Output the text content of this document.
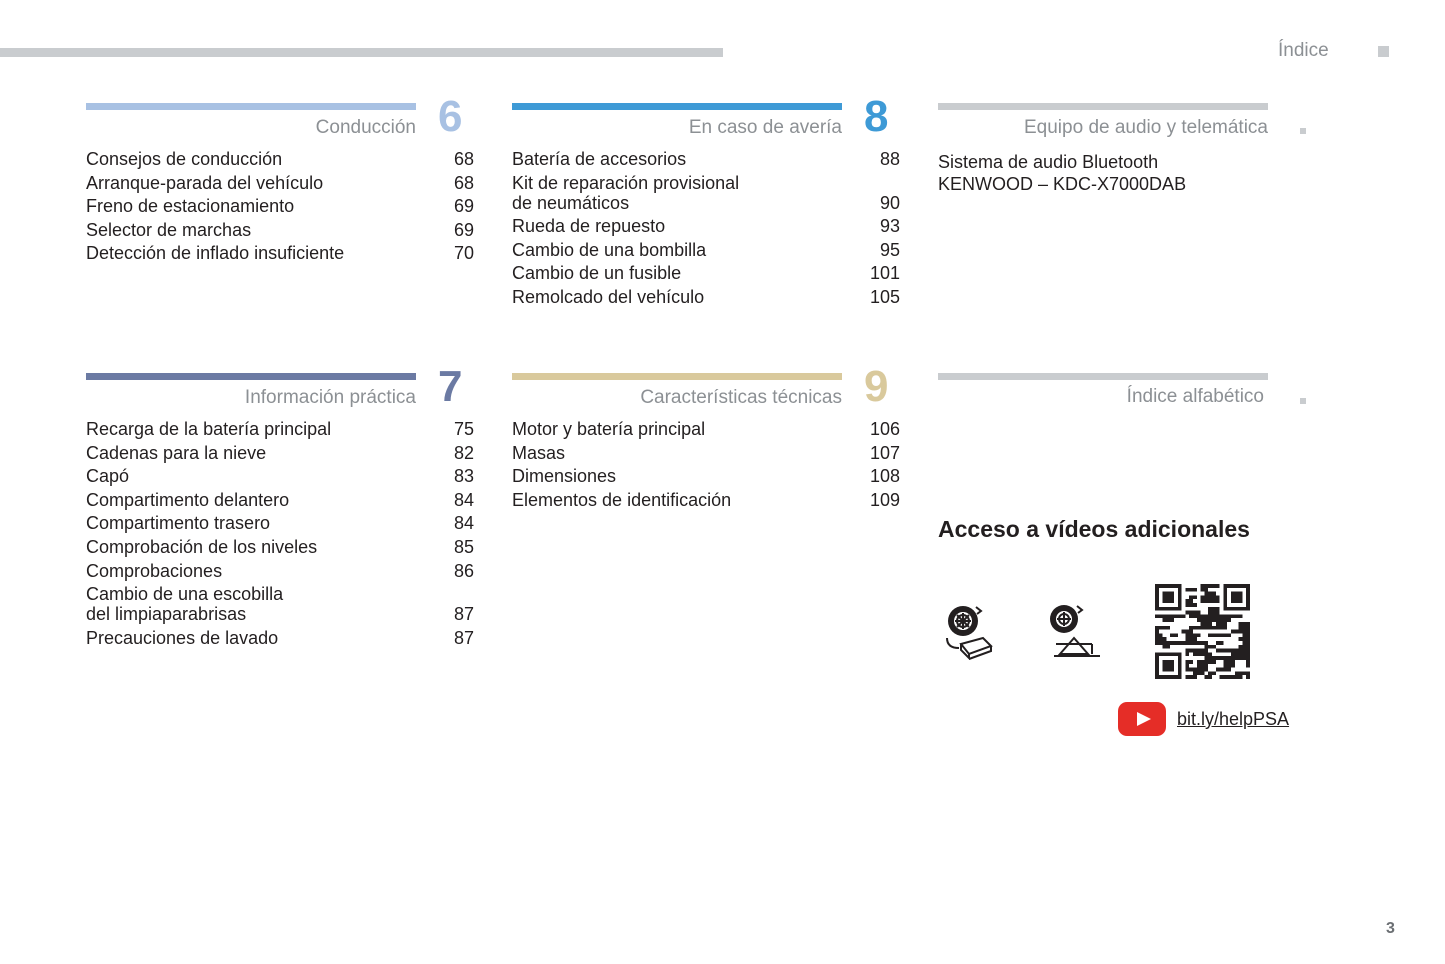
Índice
Conducción 6
Consejos de conducción	68
Arranque-parada del vehículo	68
Freno de estacionamiento	69
Selector de marchas	69
Detección de inflado insuficiente	70
En caso de avería 8
Batería de accesorios	88
Kit de reparación provisional
de neumáticos	90
Rueda de repuesto	93
Cambio de una bombilla	95
Cambio de un fusible	101
Remolcado del vehículo	105
Información práctica 7
Recarga de la batería principal	75
Cadenas para la nieve	82
Capó	83
Compartimento delantero	84
Compartimento trasero	84
Comprobación de los niveles	85
Comprobaciones	86
Cambio de una escobilla
del limpiaparabrisas	87
Precauciones de lavado	87
Características técnicas 9
Motor y batería principal	106
Masas	107
Dimensiones	108
Elementos de identificación	109
Equipo de audio y telemática
Sistema de audio Bluetooth
KENWOOD – KDC-X7000DAB
Índice alfabético
Acceso a vídeos adicionales
bit.ly/helpPSA
3
